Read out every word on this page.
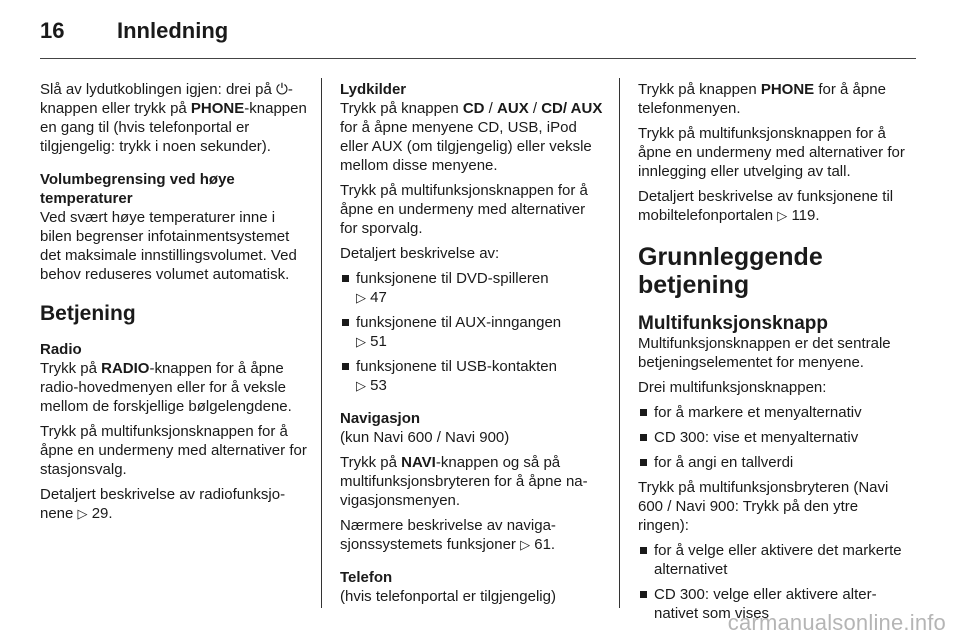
16 Innledning

Slå av lydutkoblingen igjen: drei på ⏻-knappen eller trykk på PHONE-knappen en gang til (hvis telefonportal er tilgjengelig: trykk i noen sekunder).

Volumbegrensing ved høye temperaturer

Ved svært høye temperaturer inne i bilen begrenser infotainmentsystemet det maksimale innstillingsvolumet. Ved behov reduseres volumet automatisk.

Betjening
Radio

Trykk på RADIO-knappen for å åpne radio-hovedmenyen eller for å veksle mellom de forskjellige bølgelengdene.

Trykk på multifunksjonsknappen for å åpne en undermeny med alternativer for stasjonsvalg.

Detaljert beskrivelse av radiofunksjonene ▷ 29.

Lydkilder

Trykk på knappen CD / AUX / CD/ AUX for å åpne menyene CD, USB, iPod eller AUX (om tilgjengelig) eller veksle mellom disse menyene.

Trykk på multifunksjonsknappen for å åpne en undermeny med alternativer for sporvalg.

Detaljert beskrivelse av:

funksjonene til DVD-spilleren
▷ 47
funksjonene til AUX-inngangen
▷ 51
funksjonene til USB-kontakten
▷ 53
Navigasjon

(kun Navi 600 / Navi 900)

Trykk på NAVI-knappen og så på multifunksjonsbryteren for å åpne navigasjonsmenyen.

Nærmere beskrivelse av navigasjonssystemets funksjoner ▷ 61.

Telefon

(hvis telefonportal er tilgjengelig)

Trykk på knappen PHONE for å åpne telefonmenyen.

Trykk på multifunksjonsknappen for å åpne en undermeny med alternativer for innlegging eller utvelging av tall.

Detaljert beskrivelse av funksjonene til mobiltelefonportalen ▷ 119.

Grunnleggende betjening
Multifunksjonsknapp

Multifunksjonsknappen er det sentrale betjeningselementet for menyene.

Drei multifunksjonsknappen:

for å markere et menyalternativ
CD 300: vise et menyalternativ
for å angi en tallverdi

Trykk på multifunksjonsbryteren (Navi 600 / Navi 900: Trykk på den ytre ringen):

for å velge eller aktivere det markerte alternativet
CD 300: velge eller aktivere alternativet som vises
carmanualsonline.info
